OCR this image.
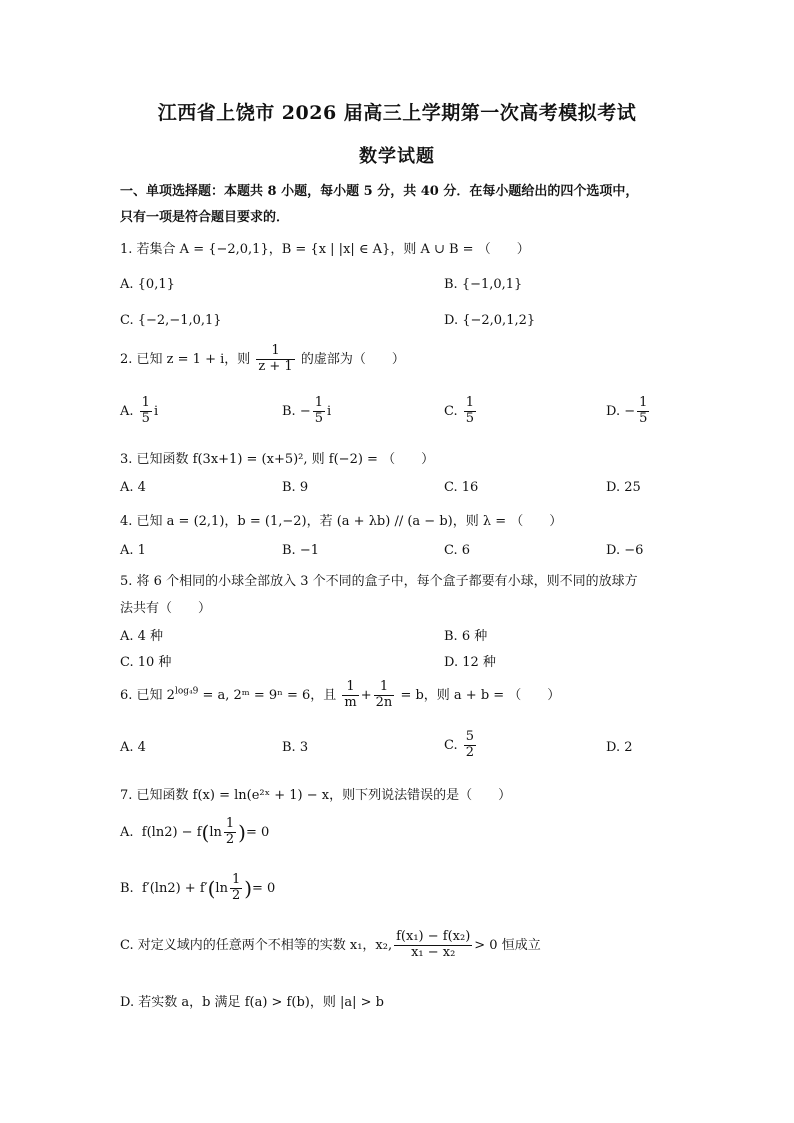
江西省上饶市 2026 届高三上学期第一次高考模拟考试
数学试题
一、单项选择题：本题共 8 小题，每小题 5 分，共 40 分．在每小题给出的四个选项中，
只有一项是符合题目要求的．
1. 若集合 A = {−2,0,1}，B = {x | |x| ∈ A}，则 A ∪ B = （　　）
A. {0,1}	B. {−1,0,1}
C. {−2,−1,0,1}	D. {−2,0,1,2}
2. 已知 z = 1 + i，则 $\frac{1}{z + 1}$ 的虚部为（　　）
A. $\frac{1}{5}$ i	B. − $\frac{1}{5}$ i	C. $\frac{1}{5}$	D. − $\frac{1}{5}$
3. 已知函数 f(3x+1) = (x+5)², 则 f(−2) = （　　）
A. 4	B. 9	C. 16	D. 25
4. 已知 a = (2,1)，b = (1,−2)，若 (a + λb) // (a − b)，则 λ = （　　）
A. 1	B. −1	C. 6	D. −6
5. 将 6 个相同的小球全部放入 3 个不同的盒子中，每个盒子都要有小球，则不同的放球方
法共有（　　）
A. 4 种	B. 6 种
C. 10 种	D. 12 种
6. 已知 $2^{log_49} = a$, 2ᵐ = 9ⁿ = 6，且 $\frac{1}{m} + \frac{1}{2n} = b$，则 a + b = （　　）
A. 4	B. 3	C. $\frac{5}{2}$	D. 2
7. 已知函数 f(x) = ln(e²ˣ + 1) − x，则下列说法错误的是（　　）
A. $f(\ln 2) - f(\ln \frac{1}{2}$ )= 0
B. $f'(\ln 2) + f'(\ln \frac{1}{2}$ )= 0
C. 对定义域内的任意两个不相等的实数 x₁，x₂, $\frac{\text{f(x₁) − f(x₂)}}{\text{x₁ − x₂}} > 0$ 恒成立
D. 若实数 a，b 满足 f(a) > f(b)，则 |a| > b
